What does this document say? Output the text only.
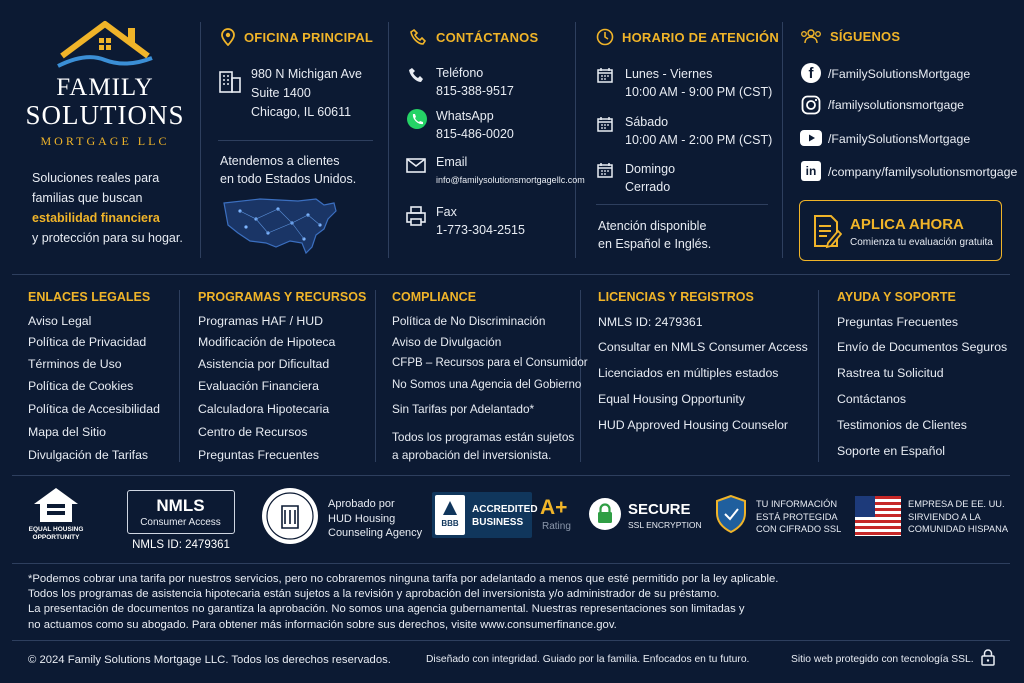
FAMILY
SOLUTIONS
MORTGAGE LLC
Soluciones reales para
familias que buscan
estabilidad financiera
y protección para su hogar.
OFICINA PRINCIPAL
980 N Michigan Ave
Suite 1400
Chicago, IL 60611
Atendemos a clientes
en todo Estados Unidos.
CONTÁCTANOS
Teléfono
815-388-9517
WhatsApp
815-486-0020
Email
info@familysolutionsmortgagellc.com
Fax
1-773-304-2515
HORARIO DE ATENCIÓN
Lunes - Viernes
10:00 AM - 9:00 PM (CST)
Sábado
10:00 AM - 2:00 PM (CST)
Domingo
Cerrado
Atención disponible
en Español e Inglés.
SÍGUENOS
f	/FamilySolutionsMortgage
/familysolutionsmortgage
/FamilySolutionsMortgage
in /company/familysolutionsmortgage
APLICA AHORA
Comienza tu evaluación gratuita
ENLACES LEGALES
Aviso Legal
Política de Privacidad
Términos de Uso
Política de Cookies
Política de Accesibilidad
Mapa del Sitio
Divulgación de Tarifas
PROGRAMAS Y RECURSOS
Programas HAF / HUD
Modificación de Hipoteca
Asistencia por Dificultad
Evaluación Financiera
Calculadora Hipotecaria
Centro de Recursos
Preguntas Frecuentes
COMPLIANCE
Política de No Discriminación
Aviso de Divulgación
CFPB – Recursos para el Consumidor
No Somos una Agencia del Gobierno
Sin Tarifas por Adelantado*
Todos los programas están sujetos
a aprobación del inversionista.
LICENCIAS Y REGISTROS
NMLS ID: 2479361
Consultar en NMLS Consumer Access
Licenciados en múltiples estados
Equal Housing Opportunity
HUD Approved Housing Counselor
AYUDA Y SOPORTE
Preguntas Frecuentes
Envío de Documentos Seguros
Rastrea tu Solicitud
Contáctanos
Testimonios de Clientes
Soporte en Español
EQUAL HOUSING
OPPORTUNITY
NMLS
Consumer Access
NMLS ID: 2479361
Aprobado por
HUD Housing
Counseling Agency
BBB
ACCREDITED
BUSINESS
A+
Rating
SECURE
SSL ENCRYPTION
TU INFORMACIÓN
ESTÁ PROTEGIDA
CON CIFRADO SSL
EMPRESA DE EE. UU.
SIRVIENDO A LA
COMUNIDAD HISPANA
*Podemos cobrar una tarifa por nuestros servicios, pero no cobraremos ninguna tarifa por adelantado a menos que esté permitido por la ley aplicable.
Todos los programas de asistencia hipotecaria están sujetos a la revisión y aprobación del inversionista y/o administrador de su préstamo.
La presentación de documentos no garantiza la aprobación. No somos una agencia gubernamental. Nuestras representaciones son limitadas y
no actuamos como su abogado. Para obtener más información sobre sus derechos, visite www.consumerfinance.gov.
© 2024 Family Solutions Mortgage LLC. Todos los derechos reservados.	Diseñado con integridad. Guiado por la familia. Enfocados en tu futuro.	Sitio web protegido con tecnología SSL.
